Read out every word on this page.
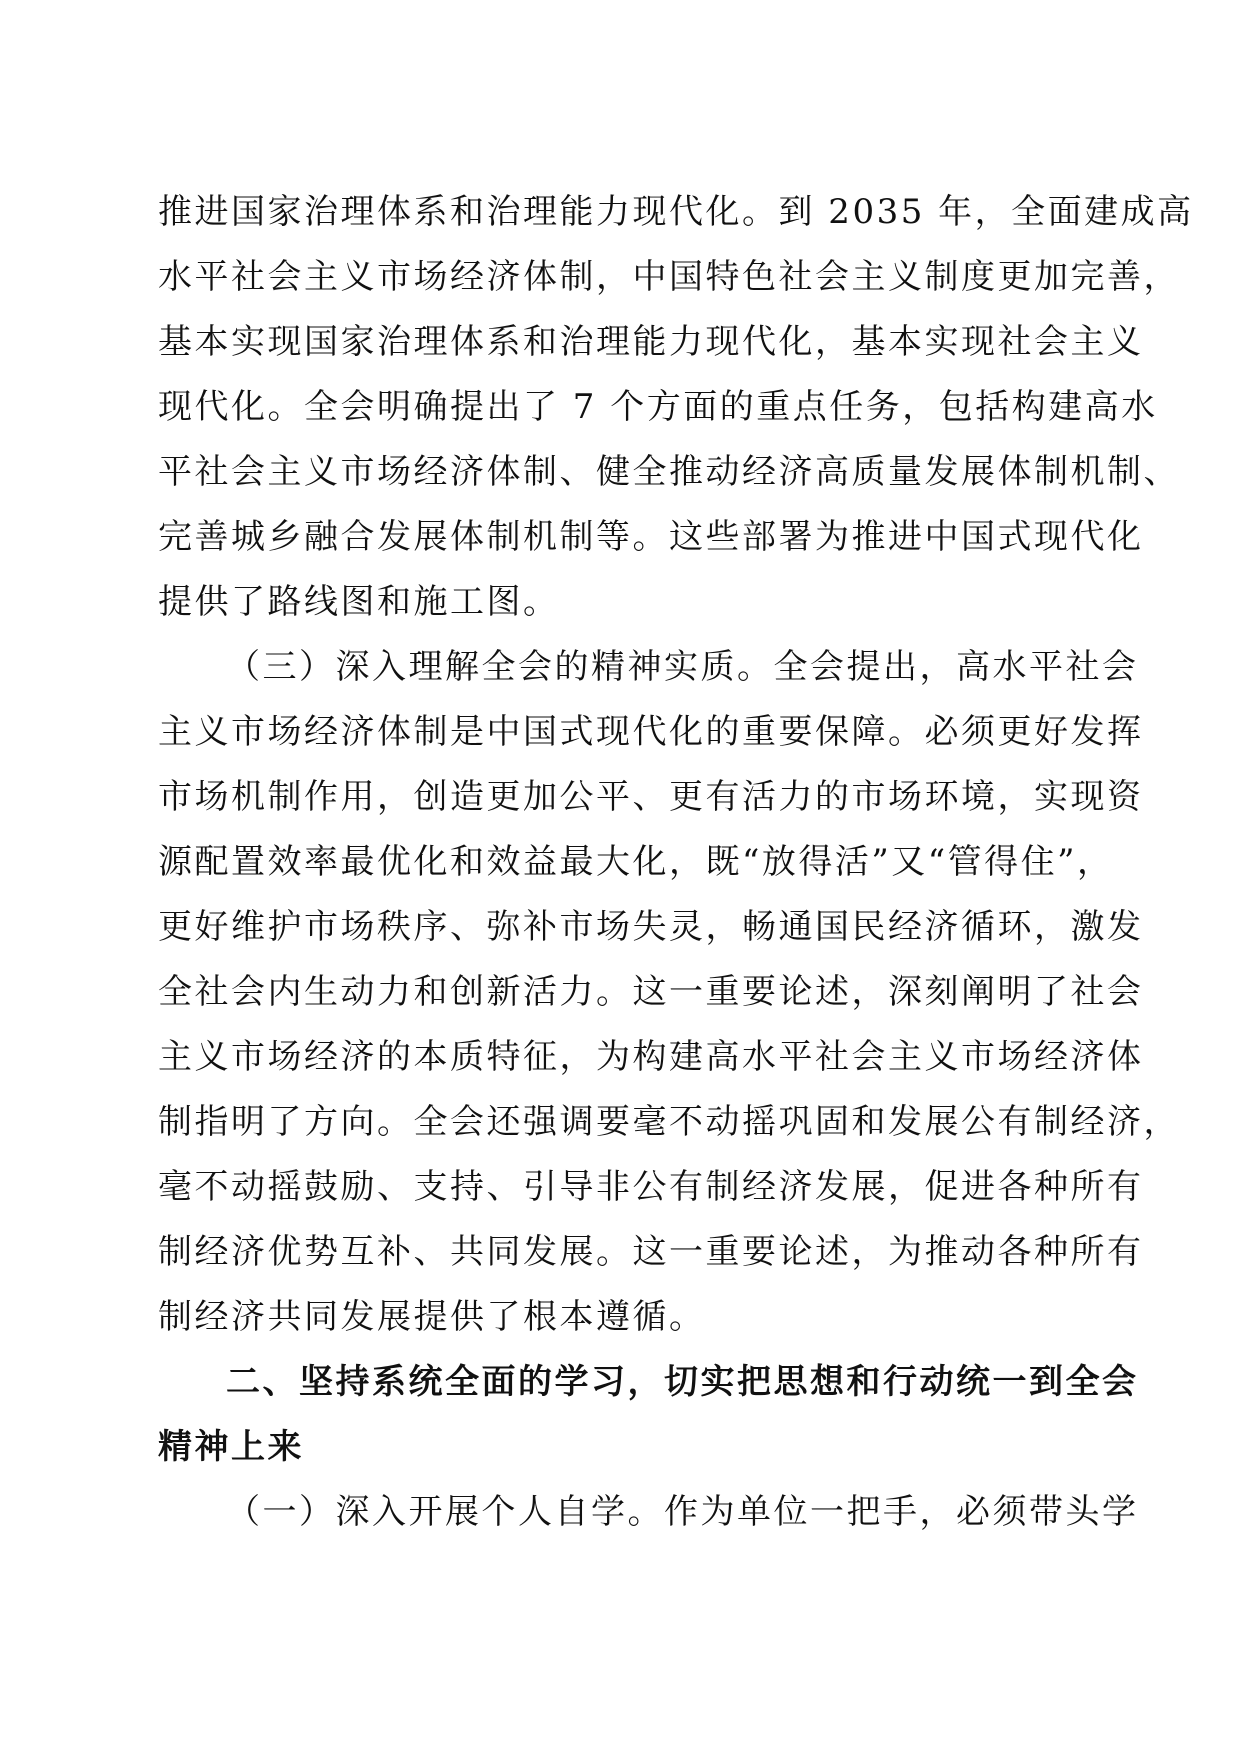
推进国家治理体系和治理能力现代化。到 2035 年，全面建成高
水平社会主义市场经济体制，中国特色社会主义制度更加完善，
基本实现国家治理体系和治理能力现代化，基本实现社会主义
现代化。全会明确提出了 7 个方面的重点任务，包括构建高水
平社会主义市场经济体制、健全推动经济高质量发展体制机制、
完善城乡融合发展体制机制等。这些部署为推进中国式现代化
提供了路线图和施工图。
（三）深入理解全会的精神实质。全会提出，高水平社会
主义市场经济体制是中国式现代化的重要保障。必须更好发挥
市场机制作用，创造更加公平、更有活力的市场环境，实现资
源配置效率最优化和效益最大化，既“放得活”又“管得住”，
更好维护市场秩序、弥补市场失灵，畅通国民经济循环，激发
全社会内生动力和创新活力。这一重要论述，深刻阐明了社会
主义市场经济的本质特征，为构建高水平社会主义市场经济体
制指明了方向。全会还强调要毫不动摇巩固和发展公有制经济，
毫不动摇鼓励、支持、引导非公有制经济发展，促进各种所有
制经济优势互补、共同发展。这一重要论述，为推动各种所有
制经济共同发展提供了根本遵循。
二、坚持系统全面的学习，切实把思想和行动统一到全会
精神上来
（一）深入开展个人自学。作为单位一把手，必须带头学
